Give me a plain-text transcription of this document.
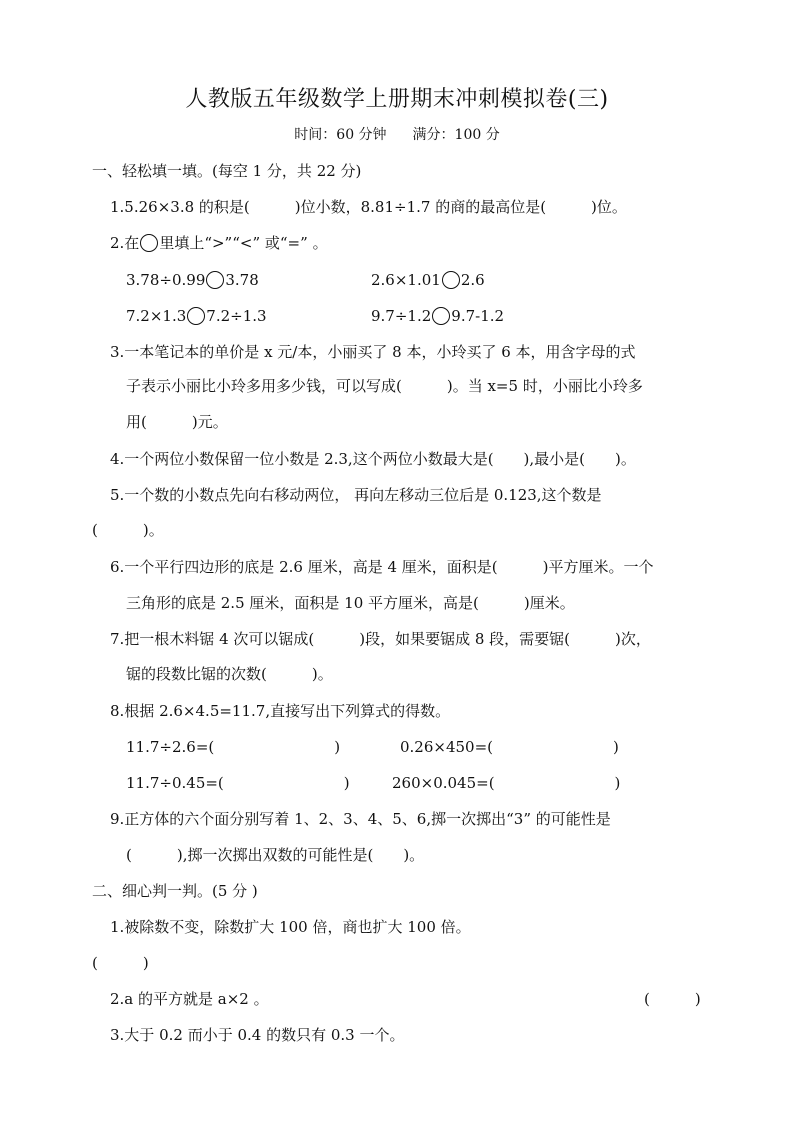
人教版五年级数学上册期末冲刺模拟卷(三)
时间：60 分钟 满分：100 分
一、轻松填一填。(每空 1 分，共 22 分)
1.5.26×3.8 的积是(　　　)位小数，8.81÷1.7 的商的最高位是(　　　)位。
2.在 里填上“>”“<” 或“=” 。
3.78÷0.99 3.78	2.6×1.01 2.6
7.2×1.3 7.2÷1.3	9.7÷1.2 9.7-1.2
3.一本笔记本的单价是 x 元/本，小丽买了 8 本，小玲买了 6 本，用含字母的式
子表示小丽比小玲多用多少钱，可以写成(　　　)。当 x=5 时，小丽比小玲多
用(　　　)元。
4.一个两位小数保留一位小数是 2.3,这个两位小数最大是(　　),最小是(　　)。
5.一个数的小数点先向右移动两位， 再向左移动三位后是 0.123,这个数是
(　　　)。
6.一个平行四边形的底是 2.6 厘米，高是 4 厘米，面积是(　　　)平方厘米。一个
三角形的底是 2.5 厘米，面积是 10 平方厘米，高是(　　　)厘米。
7.把一根木料锯 4 次可以锯成(　　　)段，如果要锯成 8 段，需要锯(　　　)次，
锯的段数比锯的次数(　　　)。
8.根据 2.6×4.5=11.7,直接写出下列算式的得数。
11.7÷2.6=(　　　　　　　　)	0.26×450=(　　　　　　　　)
11.7÷0.45=(　　　　　　　　)	260×0.045=(　　　　　　　　)
9.正方体的六个面分别写着 1、2、3、4、5、6,掷一次掷出“3” 的可能性是
(　　　),掷一次掷出双数的可能性是(　　)。
二、细心判一判。(5 分 )
1.被除数不变，除数扩大 100 倍，商也扩大 100 倍。
(　　　)
2.a 的平方就是 a×2 。	(　　　)
3.大于 0.2 而小于 0.4 的数只有 0.3 一个。
